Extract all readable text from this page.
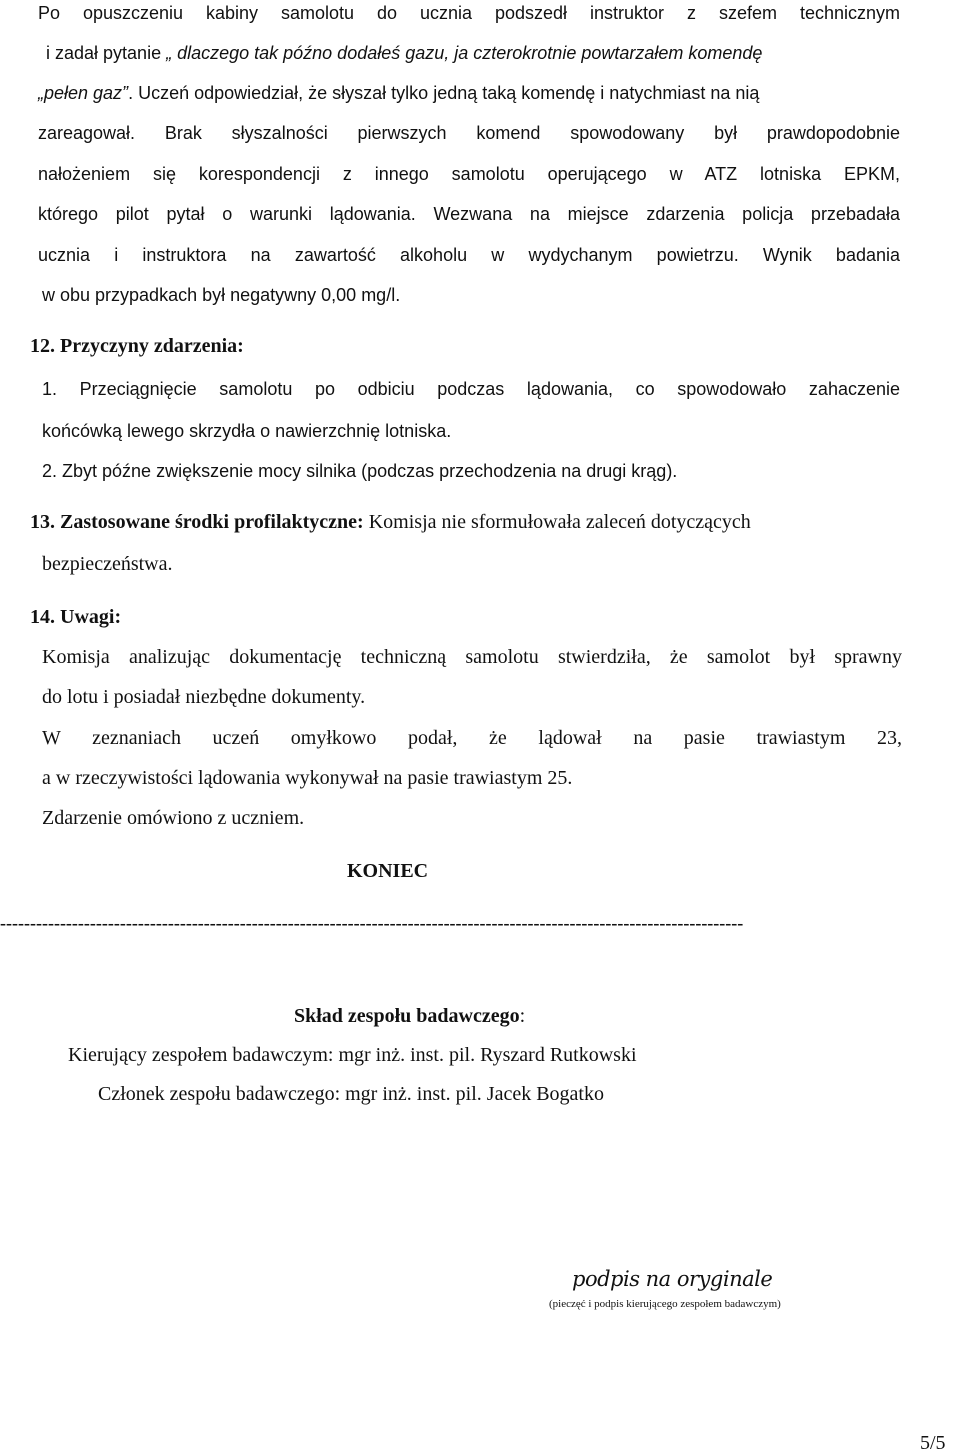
Po opuszczeniu kabiny samolotu do ucznia podszedł instruktor z szefem technicznym
i zadał pytanie „ dlaczego tak późno dodałeś gazu, ja czterokrotnie powtarzałem komendę
„pełen gaz”. Uczeń odpowiedział, że słyszał tylko jedną taką komendę i natychmiast na nią
zareagował. Brak słyszalności pierwszych komend spowodowany był prawdopodobnie
nałożeniem się korespondencji z innego samolotu operującego w ATZ lotniska EPKM,
którego pilot pytał o warunki lądowania. Wezwana na miejsce zdarzenia policja przebadała
ucznia i instruktora na zawartość alkoholu w wydychanym powietrzu. Wynik badania
w obu przypadkach był negatywny 0,00 mg/l.
12. Przyczyny zdarzenia:
1. Przeciągnięcie samolotu po odbiciu podczas lądowania, co spowodowało zahaczenie
końcówką lewego skrzydła o nawierzchnię lotniska.
2. Zbyt późne zwiększenie mocy silnika (podczas przechodzenia na drugi krąg).
13. Zastosowane środki profilaktyczne: Komisja nie sformułowała zaleceń dotyczących
bezpieczeństwa.
14. Uwagi:
Komisja analizując dokumentację techniczną samolotu stwierdziła, że samolot był sprawny
do lotu i posiadał niezbędne dokumenty.
W zeznaniach uczeń omyłkowo podał, że lądował na pasie trawiastym 23,
a w rzeczywistości lądowania wykonywał na pasie trawiastym 25.
Zdarzenie omówiono z uczniem.
KONIEC
----------------------------------------------------------------------------------------------------------------------------
Skład zespołu badawczego:
Kierujący zespołem badawczym: mgr inż. inst. pil. Ryszard Rutkowski
Członek zespołu badawczego: mgr inż. inst. pil. Jacek Bogatko
podpis na oryginale
(pieczęć i podpis kierującego zespołem badawczym)
5/5
